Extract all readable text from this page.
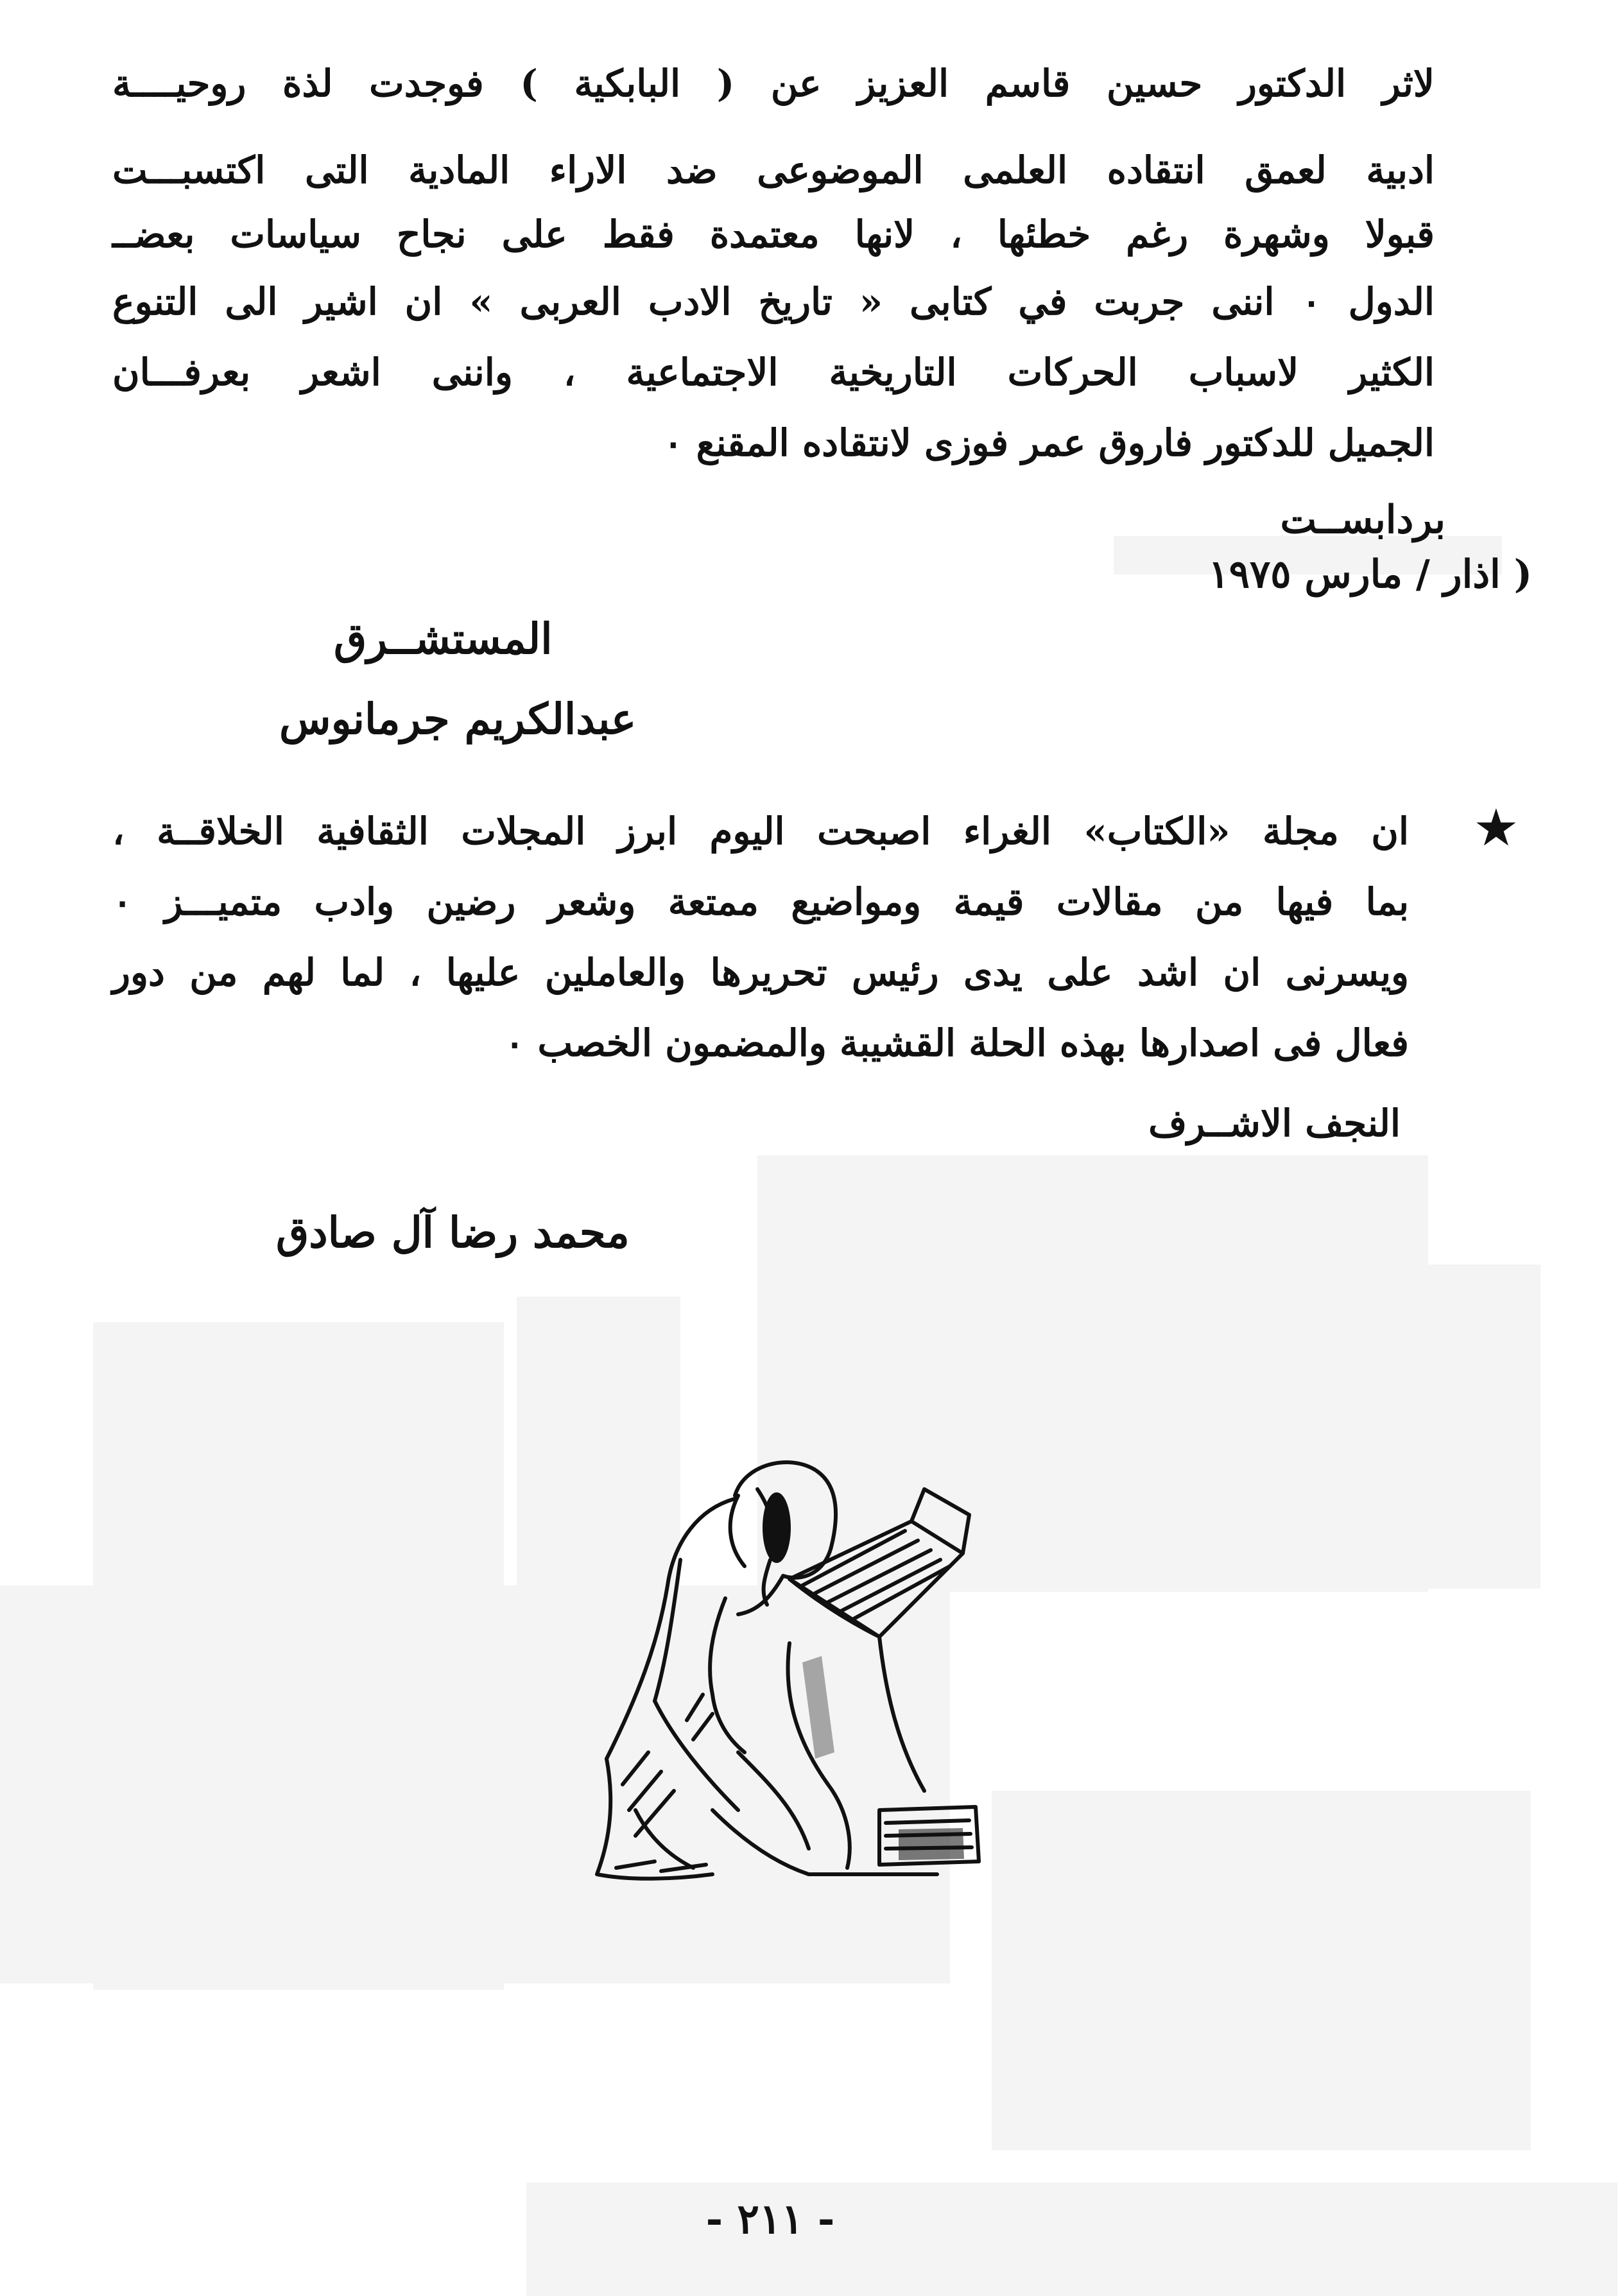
لاثر الدكتور حسين قاسم العزيز عن ( البابكية ) فوجدت لذة روحيــــة
ادبية لعمق انتقاده العلمى الموضوعى ضد الاراء المادية التى اكتسبـــت
قبولا وشهرة رغم خطئها ، لانها معتمدة فقط على نجاح سياسات بعضــ
الدول ٠ اننى جربت في كتابى « تاريخ الادب العربى » ان اشير الى التنوع
الكثير لاسباب الحركات التاريخية الاجتماعية ، واننى اشعر بعرفـــان
الجميل للدكتور فاروق عمر فوزى لانتقاده المقنع ٠
بردابســت
( اذار / مارس ١٩٧٥
المستشــرق
عبدالكريم جرمانوس
★
ان مجلة «الكتاب» الغراء اصبحت اليوم ابرز المجلات الثقافية الخلاقــة ،
بما فيها من مقالات قيمة ومواضيع ممتعة وشعر رضين وادب متميـــز ٠
ويسرنى ان اشد على يدى رئيس تحريرها والعاملين عليها ، لما لهم من دور
فعال فى اصدارها بهذه الحلة القشيبة والمضمون الخصب ٠
النجف الاشــرف
محمد رضا آل صادق
- ٢١١ -
